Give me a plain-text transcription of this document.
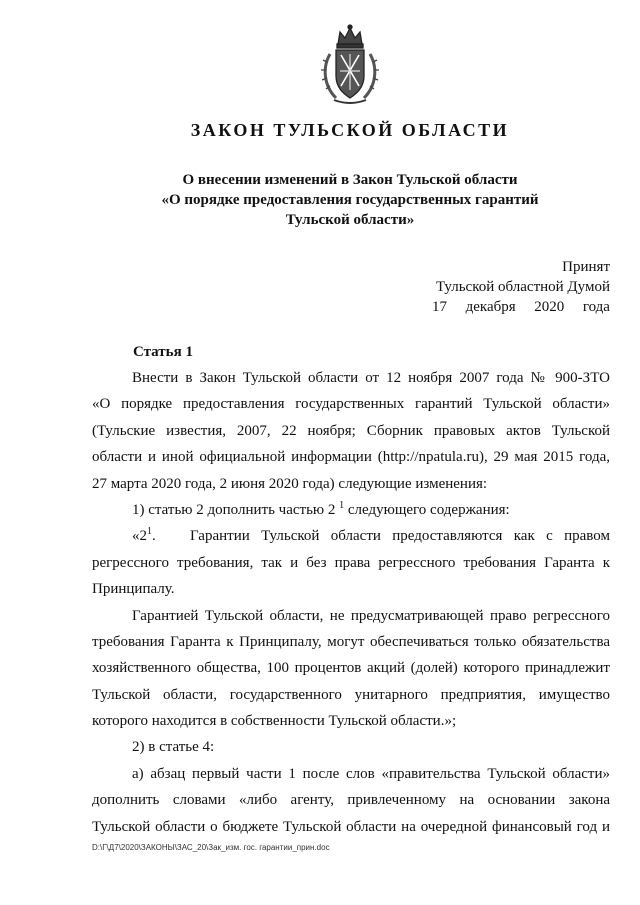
ЗАКОН ТУЛЬСКОЙ ОБЛАСТИ
О внесении изменений в Закон Тульской области
«О порядке предоставления государственных гарантий
Тульской области»
Принят
Тульской областной Думой
17 декабря 2020 года
Статья 1
Внести в Закон Тульской области от 12 ноября 2007 года № 900-ЗТО
«О порядке предоставления государственных гарантий Тульской области»
(Тульские известия, 2007, 22 ноября; Сборник правовых актов Тульской
области и иной официальной информации (http://npatula.ru), 29 мая 2015 года,
27 марта 2020 года, 2 июня 2020 года) следующие изменения:
1) статью 2 дополнить частью 2 $^1$ следующего содержания:
«$2^1$. Гарантии Тульской области предоставляются как с правом
регрессного требования, так и без права регрессного требования Гаранта к
Принципалу.
Гарантией Тульской области, не предусматривающей право регрессного
требования Гаранта к Принципалу, могут обеспечиваться только обязательства
хозяйственного общества, 100 процентов акций (долей) которого принадлежит
Тульской области, государственного унитарного предприятия, имущество
которого находится в собственности Тульской области.»;
2) в статье 4:
а) абзац первый части 1 после слов «правительства Тульской области»
дополнить словами «либо агенту, привлеченному на основании закона
Тульской области о бюджете Тульской области на очередной финансовый год и
D:\Г\Д7\2020\ЗАКОНЫ\ЗАС_20\Зак_изм. гос. гарантии_прин.doc
